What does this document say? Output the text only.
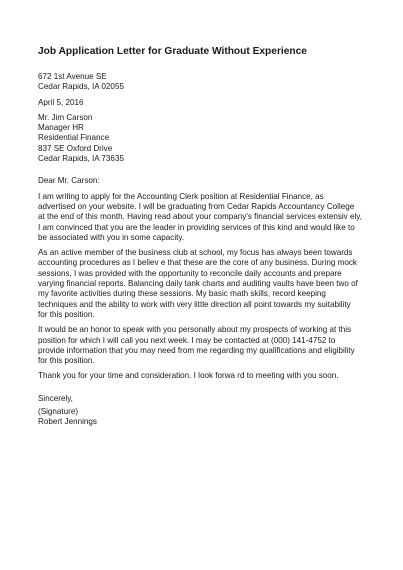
Job Application Letter for Graduate Without Experience
672 1st Avenue SE
Cedar Rapids, IA 02055
April 5, 2016
Mr. Jim Carson
Manager HR
Residential Finance
837 SE Oxford Drive
Cedar Rapids, IA 73635
Dear Mr. Carson:
I am writing to apply for the Accounting Clerk position at Residential Finance, as
advertised on your website. I will be graduating from Cedar Rapids Accountancy College
at the end of this month. Having read about your company's financial services extensiv ely,
I am convinced that you are the leader in providing services of this kind and would like to
be associated with you in some capacity.
As an active member of the business club at school, my focus has always been towards
accounting procedures as I believ e that these are the core of any business. During mock
sessions, I was provided with the opportunity to reconcile daily accounts and prepare
varying financial reports. Balancing daily tank charts and auditing vaults have been two of
my favorite activities during these sessions. My basic math skills, record keeping
techniques and the ability to work with very little direction all point towards my suitability
for this position.
It would be an honor to speak with you personally about my prospects of working at this
position for which I will call you next week. I may be contacted at (000) 141-4752 to
provide information that you may need from me regarding my qualifications and eligibility
for this position.
Thank you for your time and consideration. I look forwa rd to meeting with you soon.
Sincerely,
(Signature)
Robert Jennings
